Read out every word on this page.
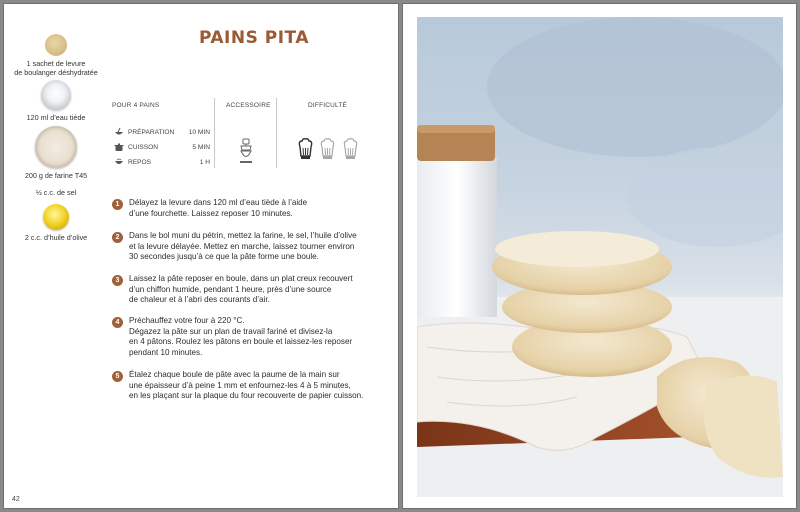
1 sachet de levure
de boulanger déshydratée
120 ml d’eau tiède
200 g de farine T45
½ c.c. de sel
2 c.c. d’huile d’olive
PAINS PITA
POUR 4 PAINS	ACCESSOIRE	DIFFICULTÉ
PRÉPARATION 10 MIN
CUISSON	5 MIN
REPOS	1 H

1	Délayez la levure dans 120 ml d’eau tiède à l’aide
d’une fourchette. Laissez reposer 10 minutes.
2	Dans le bol muni du pétrin, mettez la farine, le sel, l’huile d’olive
et la levure délayée. Mettez en marche, laissez tourner environ
30 secondes jusqu’à ce que la pâte forme une boule.
3	Laissez la pâte reposer en boule, dans un plat creux recouvert
d’un chiffon humide, pendant 1 heure, près d’une source
de chaleur et à l’abri des courants d’air.
4	Préchauffez votre four à 220 °C.
Dégazez la pâte sur un plan de travail fariné et divisez-la
en 4 pâtons. Roulez les pâtons en boule et laissez-les reposer
pendant 10 minutes.
5	Étalez chaque boule de pâte avec la paume de la main sur
une épaisseur d’à peine 1 mm et enfournez-les 4 à 5 minutes,
en les plaçant sur la plaque du four recouverte de papier cuisson.
42
